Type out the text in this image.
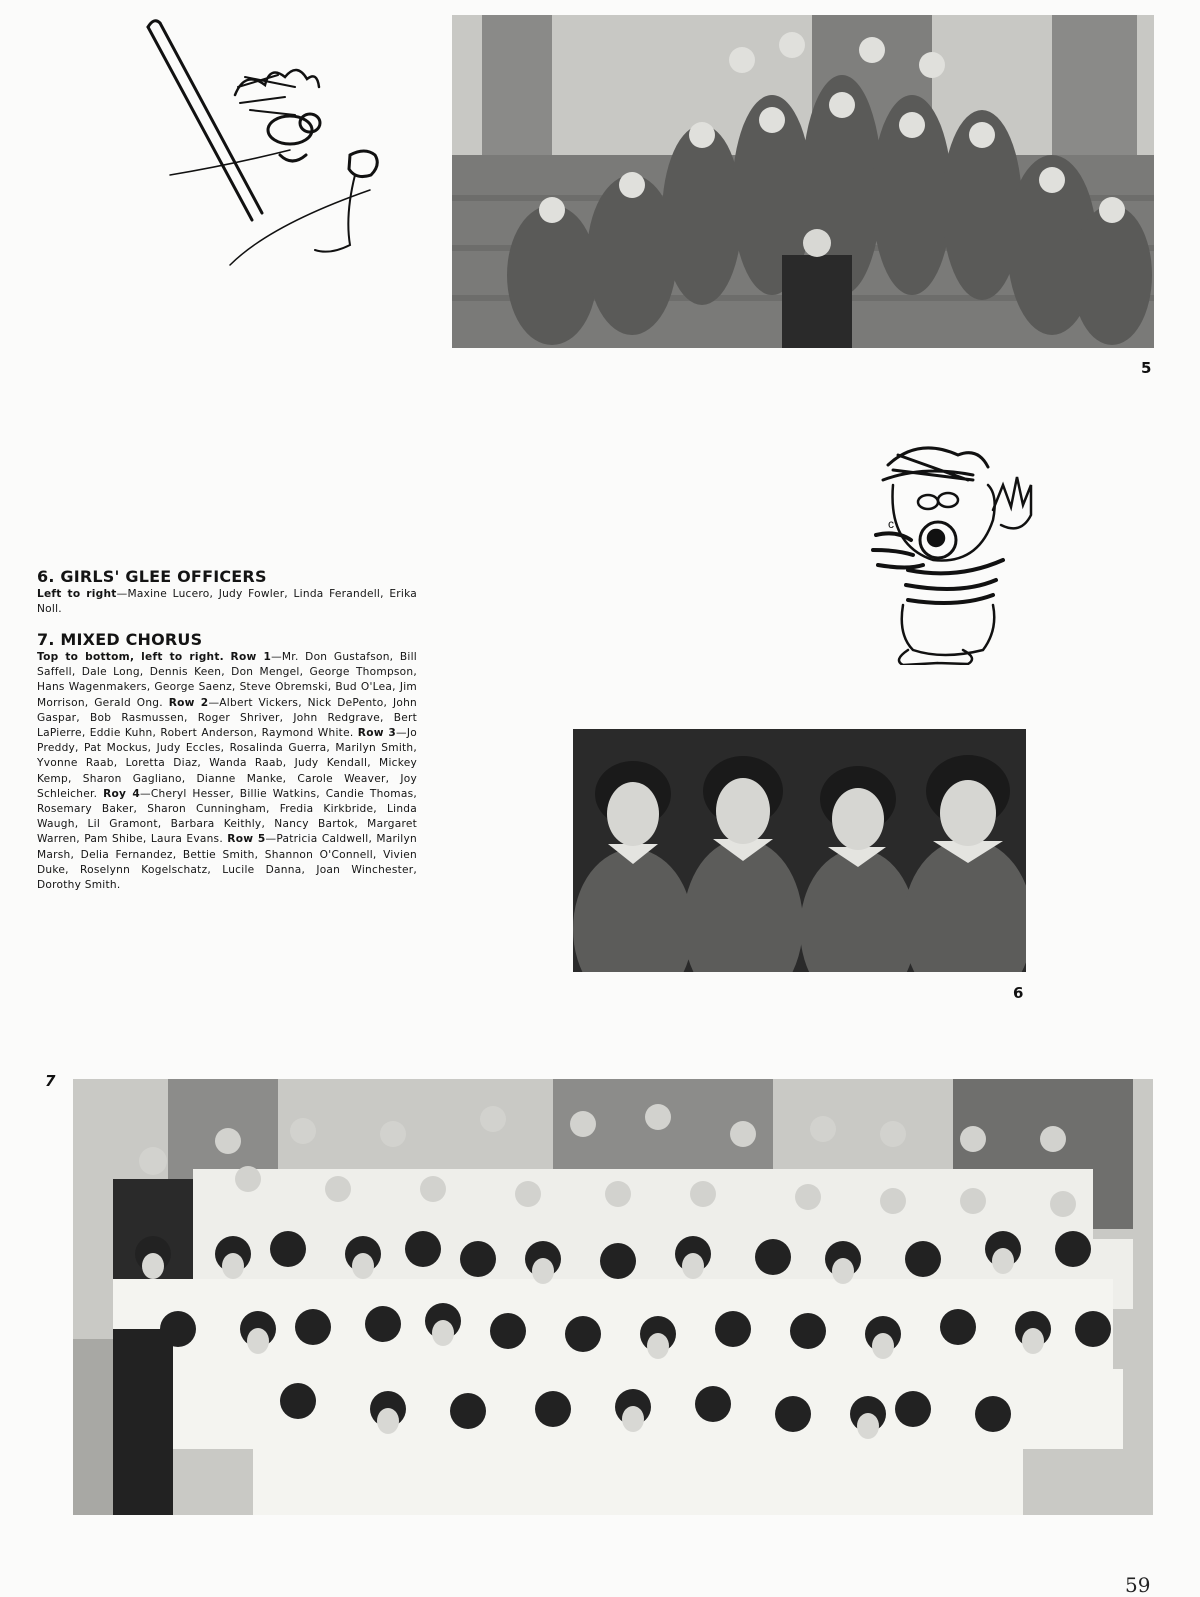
5
c
6. GIRLS' GLEE OFFICERS

Left to right—Maxine Lucero, Judy Fowler, Linda Ferandell, Erika Noll.

7. MIXED CHORUS

Top to bottom, left to right. Row 1—Mr. Don Gustafson, Bill Saffell, Dale Long, Dennis Keen, Don Mengel, George Thompson, Hans Wagenmakers, George Saenz, Steve Obremski, Bud O'Lea, Jim Morrison, Gerald Ong. Row 2—Albert Vickers, Nick DePento, John Gaspar, Bob Rasmussen, Roger Shriver, John Redgrave, Bert LaPierre, Eddie Kuhn, Robert Anderson, Raymond White. Row 3—Jo Preddy, Pat Mockus, Judy Eccles, Rosalinda Guerra, Marilyn Smith, Yvonne Raab, Loretta Diaz, Wanda Raab, Judy Kendall, Mickey Kemp, Sharon Gagliano, Dianne Manke, Carole Weaver, Joy Schleicher. Roy 4—Cheryl Hesser, Billie Watkins, Candie Thomas, Rosemary Baker, Sharon Cunningham, Fredia Kirkbride, Linda Waugh, Lil Gramont, Barbara Keithly, Nancy Bartok, Margaret Warren, Pam Shibe, Laura Evans. Row 5—Patricia Caldwell, Marilyn Marsh, Delia Fernandez, Bettie Smith, Shannon O'Connell, Vivien Duke, Roselynn Kogelschatz, Lucile Danna, Joan Winchester, Dorothy Smith.

6
7
59
